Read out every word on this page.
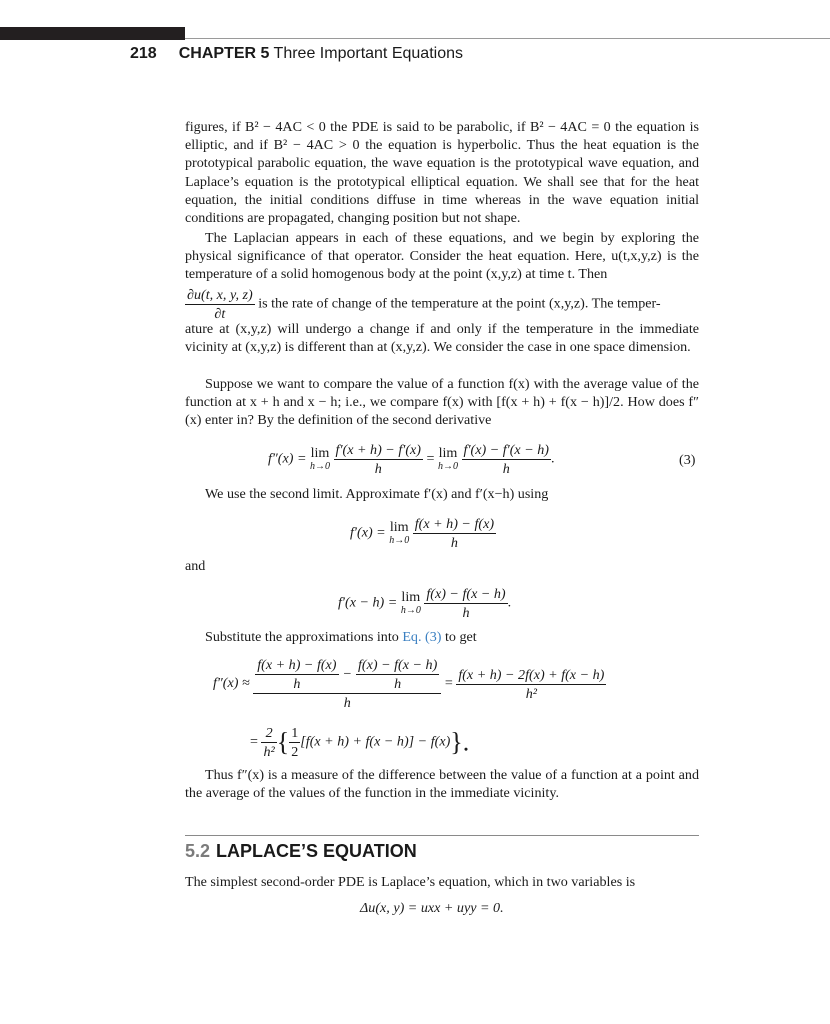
218 CHAPTER 5 Three Important Equations
figures, if B² − 4AC < 0 the PDE is said to be parabolic, if B² − 4AC = 0 the equation is elliptic, and if B² − 4AC > 0 the equation is hyperbolic. Thus the heat equation is the prototypical parabolic equation, the wave equation is the prototypical wave equation, and Laplace’s equation is the prototypical elliptical equation. We shall see that for the heat equation, the initial conditions diffuse in time whereas in the wave equation initial conditions are propagated, changing position but not shape.
The Laplacian appears in each of these equations, and we begin by exploring the physical significance of that operator. Consider the heat equation. Here, u(t,x,y,z) is the temperature of a solid homogenous body at the point (x,y,z) at time t. Then
$\frac{\partial u(t, x, y, z)}{\partial t}$ is the rate of change of the temperature at the point (x,y,z). The temper-
ature at (x,y,z) will undergo a change if and only if the temperature in the immediate vicinity at (x,y,z) is different than at (x,y,z). We consider the case in one space dimension.
Suppose we want to compare the value of a function f(x) with the average value of the function at x + h and x − h; i.e., we compare f(x) with [f(x + h) + f(x − h)]/2. How does f″(x) enter in? By the definition of the second derivative
f″(x) = lim
h→0
$\frac{f'(x + h) - f'(x)}{h} = \lim$
h→0
$\frac{f'(x) - f'(x - h)}{h}$ .	(3)
We use the second limit. Approximate f′(x) and f′(x−h) using
f′(x) = lim
h→0
$\frac{f(x + h) - f(x)}{h}$
and
f′(x − h) = lim
h→0
$\frac{f(x) - f(x - h)}{h}$ .
Substitute the approximations into Eq. (3) to get
$f''(x) \approx \frac{\frac{f(x + h) - f(x)}{h} - \frac{f(x) - f(x - h)}{h}}{h} = \frac{f(x + h) - 2f(x) + f(x - h)}{\text{h²}}$
= $\frac{2}{\text{h²}}$ { $\frac{1}{2} [f(x + h) + f(x - h)] - f(x)$}.
Thus f″(x) is a measure of the difference between the value of a function at a point and the average of the values of the function in the immediate vicinity.
5.2 LAPLACE’S EQUATION
The simplest second-order PDE is Laplace’s equation, which in two variables is
Δu(x, y) = uxx + uyy = 0.
